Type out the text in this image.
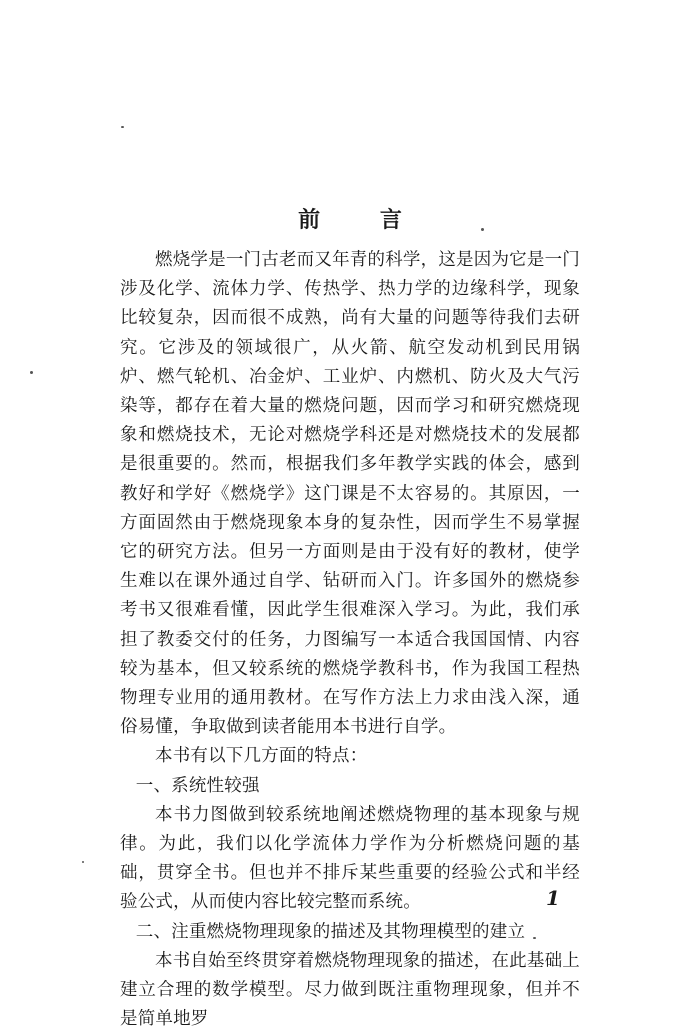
前 言

燃烧学是一门古老而又年青的科学，这是因为它是一门涉及化学、流体力学、传热学、热力学的边缘科学，现象比较复杂，因而很不成熟，尚有大量的问题等待我们去研究。它涉及的领域很广，从火箭、航空发动机到民用锅炉、燃气轮机、冶金炉、工业炉、内燃机、防火及大气污染等，都存在着大量的燃烧问题，因而学习和研究燃烧现象和燃烧技术，无论对燃烧学科还是对燃烧技术的发展都是很重要的。然而，根据我们多年教学实践的体会，感到教好和学好《燃烧学》这门课是不太容易的。其原因，一方面固然由于燃烧现象本身的复杂性，因而学生不易掌握它的研究方法。但另一方面则是由于没有好的教材，使学生难以在课外通过自学、钻研而入门。许多国外的燃烧参考书又很难看懂，因此学生很难深入学习。为此，我们承担了教委交付的任务，力图编写一本适合我国国情、内容较为基本，但又较系统的燃烧学教科书，作为我国工程热物理专业用的通用教材。在写作方法上力求由浅入深，通俗易懂，争取做到读者能用本书进行自学。

本书有以下几方面的特点：

一、系统性较强

本书力图做到较系统地阐述燃烧物理的基本现象与规律。为此，我们以化学流体力学作为分析燃烧问题的基础，贯穿全书。但也并不排斥某些重要的经验公式和半经验公式，从而使内容比较完整而系统。

二、注重燃烧物理现象的描述及其物理模型的建立

本书自始至终贯穿着燃烧物理现象的描述，在此基础上建立合理的数学模型。尽力做到既注重物理现象，但并不是简单地罗

1
